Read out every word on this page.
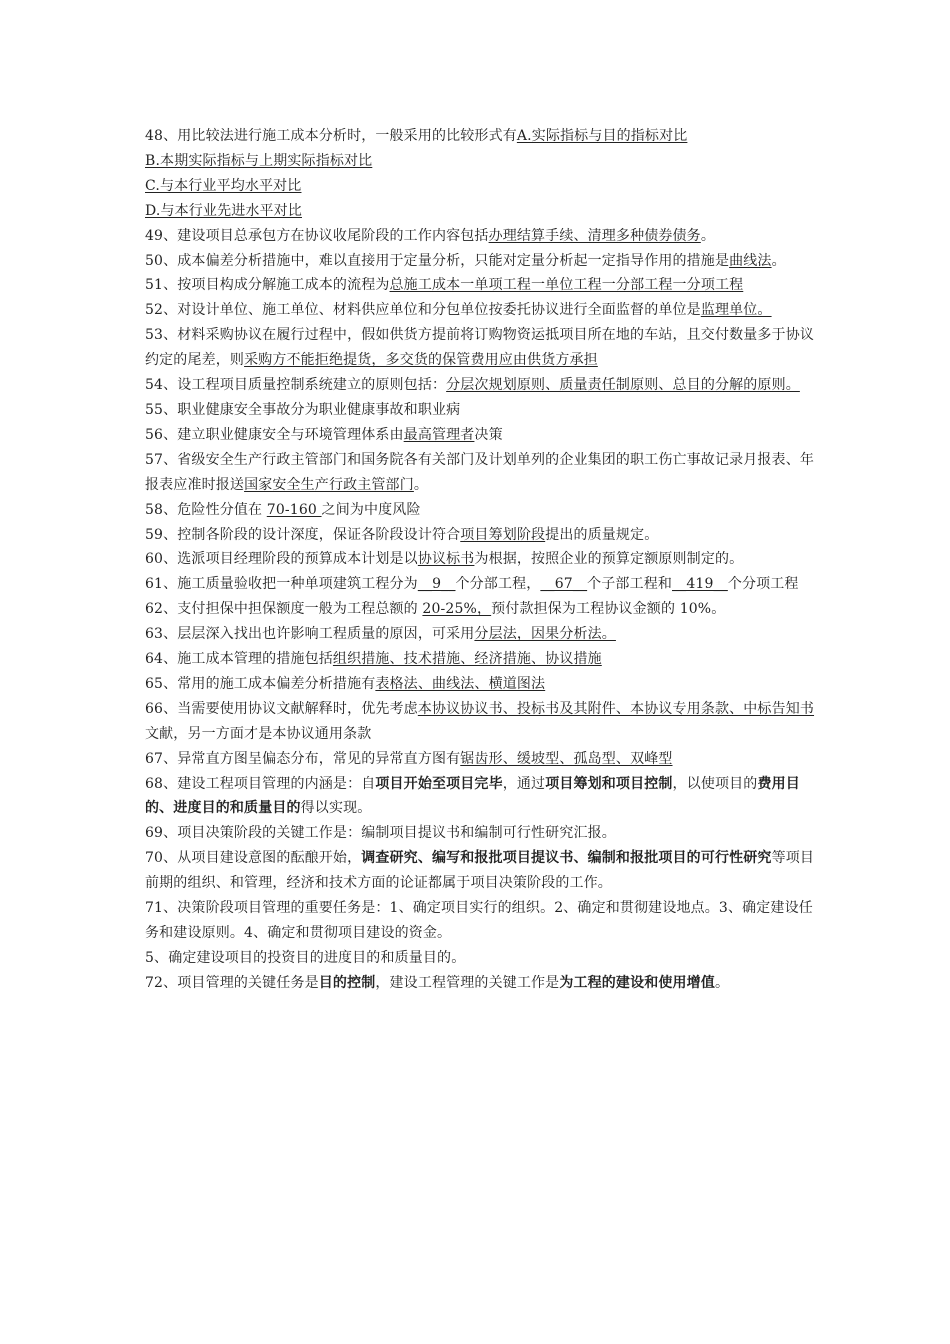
48、用比较法进行施工成本分析时，一般采用的比较形式有A.实际指标与目的指标对比

B.本期实际指标与上期实际指标对比

C.与本行业平均水平对比

D.与本行业先进水平对比

49、建设项目总承包方在协议收尾阶段的工作内容包括办理结算手续、清理多种债券债务。

50、成本偏差分析措施中，难以直接用于定量分析，只能对定量分析起一定指导作用的措施是曲线法。

51、按项目构成分解施工成本的流程为总施工成本一单项工程一单位工程一分部工程一分项工程

52、对设计单位、施工单位、材料供应单位和分包单位按委托协议进行全面监督的单位是监理单位。

53、材料采购协议在履行过程中，假如供货方提前将订购物资运抵项目所在地的车站，且交付数量多于协议约定的尾差，则采购方不能拒绝提货，多交货的保管费用应由供货方承担

54、设工程项目质量控制系统建立的原则包括：分层次规划原则、质量责任制原则、总目的分解的原则。

55、职业健康安全事故分为职业健康事故和职业病

56、建立职业健康安全与环境管理体系由最高管理者决策

57、省级安全生产行政主管部门和国务院各有关部门及计划单列的企业集团的职工伤亡事故记录月报表、年报表应准时报送国家安全生产行政主管部门。

58、危险性分值在 70-160 之间为中度风险

59、控制各阶段的设计深度，保证各阶段设计符合项目筹划阶段提出的质量规定。

60、选派项目经理阶段的预算成本计划是以协议标书为根据，按照企业的预算定额原则制定的。

61、施工质量验收把一种单项建筑工程分为__9__个分部工程，__67__个子部工程和__419__个分项工程

62、支付担保中担保额度一般为工程总额的 20-25%，预付款担保为工程协议金额的 10%。

63、层层深入找出也许影响工程质量的原因，可采用分层法，因果分析法。

64、施工成本管理的措施包括组织措施、技术措施、经济措施、协议措施

65、常用的施工成本偏差分析措施有表格法、曲线法、横道图法

66、当需要使用协议文献解释时，优先考虑本协议协议书、投标书及其附件、本协议专用条款、中标告知书文献，另一方面才是本协议通用条款

67、异常直方图呈偏态分布，常见的异常直方图有锯齿形、缓坡型、孤岛型、双峰型

68、建设工程项目管理的内涵是：自项目开始至项目完毕，通过项目筹划和项目控制，以使项目的费用目的、进度目的和质量目的得以实现。

69、项目决策阶段的关键工作是：编制项目提议书和编制可行性研究汇报。

70、从项目建设意图的酝酿开始，调查研究、编写和报批项目提议书、编制和报批项目的可行性研究等项目前期的组织、和管理，经济和技术方面的论证都属于项目决策阶段的工作。

71、决策阶段项目管理的重要任务是：1、确定项目实行的组织。2、确定和贯彻建设地点。3、确定建设任务和建设原则。4、确定和贯彻项目建设的资金。

5、确定建设项目的投资目的进度目的和质量目的。

72、项目管理的关键任务是目的控制，建设工程管理的关键工作是为工程的建设和使用增值。
